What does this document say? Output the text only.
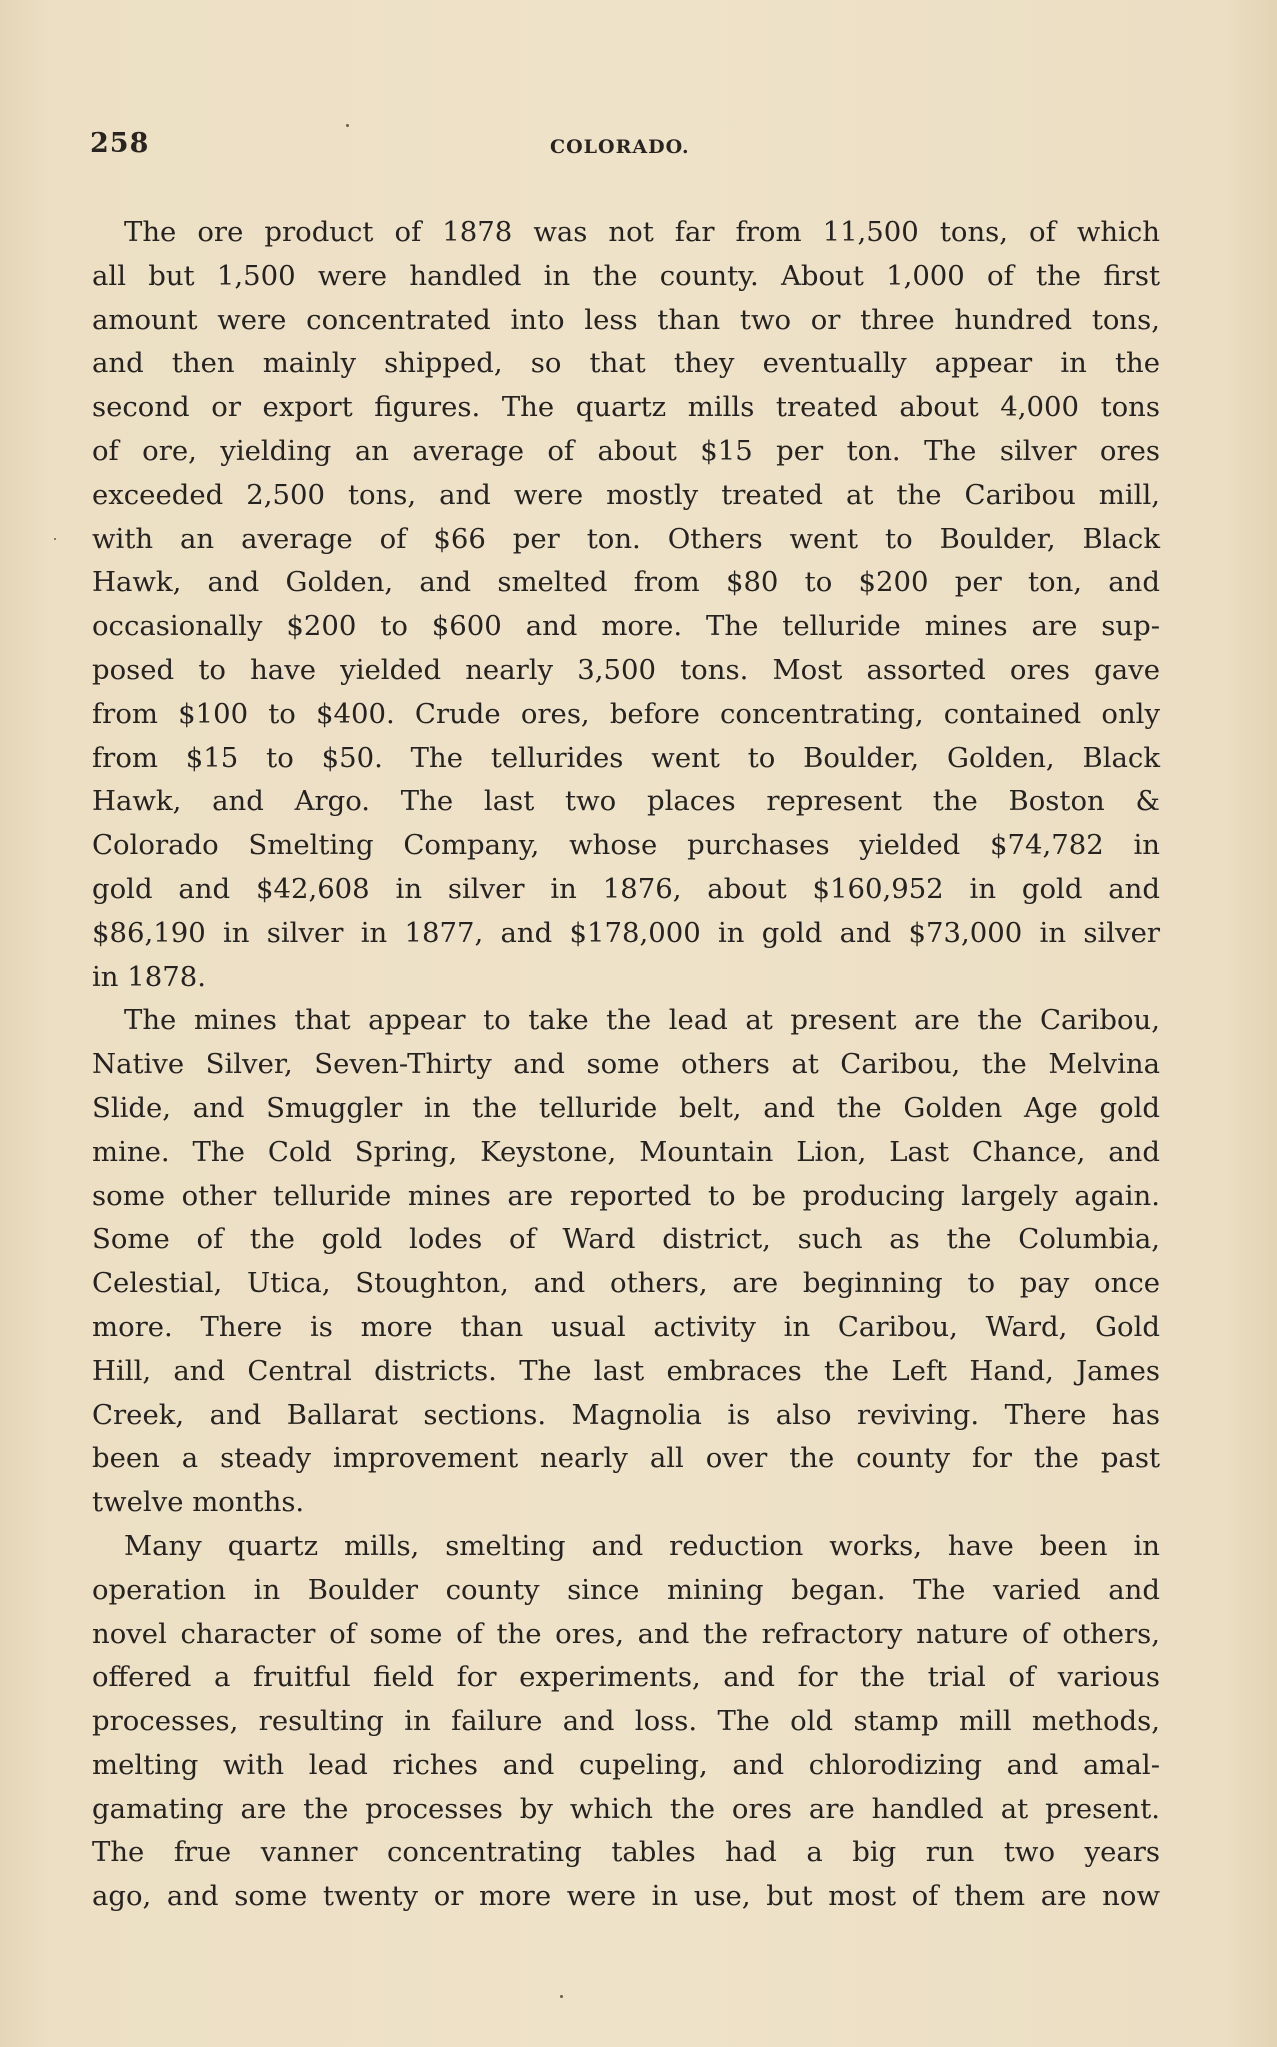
258	COLORADO.
The ore product of 1878 was not far from 11,500 tons, of which
all but 1,500 were handled in the county. About 1,000 of the first
amount were concentrated into less than two or three hundred tons,
and then mainly shipped, so that they eventually appear in the
second or export figures. The quartz mills treated about 4,000 tons
of ore, yielding an average of about $15 per ton. The silver ores
exceeded 2,500 tons, and were mostly treated at the Caribou mill,
with an average of $66 per ton. Others went to Boulder, Black
Hawk, and Golden, and smelted from $80 to $200 per ton, and
occasionally $200 to $600 and more. The telluride mines are sup-
posed to have yielded nearly 3,500 tons. Most assorted ores gave
from $100 to $400. Crude ores, before concentrating, contained only
from $15 to $50. The tellurides went to Boulder, Golden, Black
Hawk, and Argo. The last two places represent the Boston &
Colorado Smelting Company, whose purchases yielded $74,782 in
gold and $42,608 in silver in 1876, about $160,952 in gold and
$86,190 in silver in 1877, and $178,000 in gold and $73,000 in silver
in 1878.
The mines that appear to take the lead at present are the Caribou,
Native Silver, Seven-Thirty and some others at Caribou, the Melvina
Slide, and Smuggler in the telluride belt, and the Golden Age gold
mine. The Cold Spring, Keystone, Mountain Lion, Last Chance, and
some other telluride mines are reported to be producing largely again.
Some of the gold lodes of Ward district, such as the Columbia,
Celestial, Utica, Stoughton, and others, are beginning to pay once
more. There is more than usual activity in Caribou, Ward, Gold
Hill, and Central districts. The last embraces the Left Hand, James
Creek, and Ballarat sections. Magnolia is also reviving. There has
been a steady improvement nearly all over the county for the past
twelve months.
Many quartz mills, smelting and reduction works, have been in
operation in Boulder county since mining began. The varied and
novel character of some of the ores, and the refractory nature of others,
offered a fruitful field for experiments, and for the trial of various
processes, resulting in failure and loss. The old stamp mill methods,
melting with lead riches and cupeling, and chlorodizing and amal-
gamating are the processes by which the ores are handled at present.
The frue vanner concentrating tables had a big run two years
ago, and some twenty or more were in use, but most of them are now
